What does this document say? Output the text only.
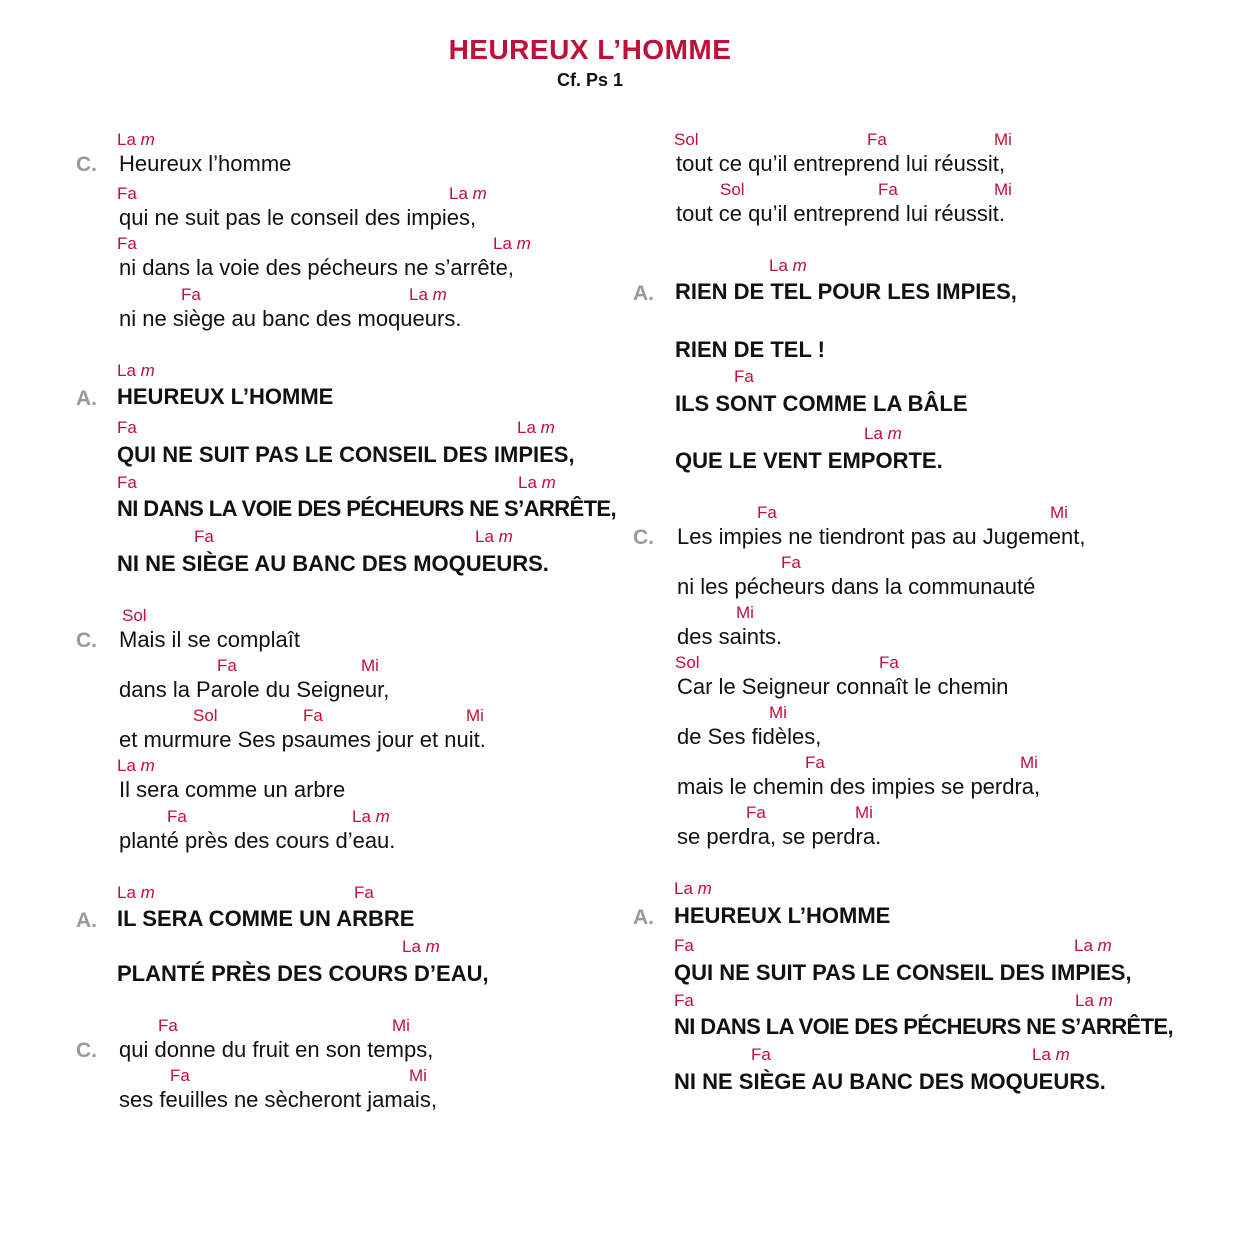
HEUREUX L’HOMME
Cf. Ps 1
La m
C. Heureux l’homme
Fa	La m
qui ne suit pas le conseil des impies,
Fa	La m
ni dans la voie des pécheurs ne s’arrête,
Fa	La m
ni ne siège au banc des moqueurs.
La m
A. HEUREUX L’HOMME
Fa	La m
QUI NE SUIT PAS LE CONSEIL DES IMPIES,
Fa	La m
NI DANS LA VOIE DES PÉCHEURS NE S’ARRÊTE,
Fa	La m
NI NE SIÈGE AU BANC DES MOQUEURS.
Sol
C. Mais il se complaît
Fa	Mi
dans la Parole du Seigneur,
Sol	Fa	Mi
et murmure Ses psaumes jour et nuit.
La m
Il sera comme un arbre
Fa	La m
planté près des cours d’eau.
La m	Fa
A. IL SERA COMME UN ARBRE
La m
PLANTÉ PRÈS DES COURS D’EAU,
Fa	Mi
C. qui donne du fruit en son temps,
Fa	Mi
ses feuilles ne sècheront jamais,
Sol	Fa	Mi
tout ce qu’il entreprend lui réussit,
Sol	Fa	Mi
tout ce qu’il entreprend lui réussit.
La m
A. RIEN DE TEL POUR LES IMPIES,
RIEN DE TEL !
Fa
ILS SONT COMME LA BÂLE
La m
QUE LE VENT EMPORTE.
Fa	Mi
C. Les impies ne tiendront pas au Jugement,
Fa
ni les pécheurs dans la communauté
Mi
des saints.
Sol	Fa
Car le Seigneur connaît le chemin
Mi
de Ses fidèles,
Fa	Mi
mais le chemin des impies se perdra,
Fa	Mi
se perdra, se perdra.
La m
A. HEUREUX L’HOMME
Fa	La m
QUI NE SUIT PAS LE CONSEIL DES IMPIES,
Fa	La m
NI DANS LA VOIE DES PÉCHEURS NE S’ARRÊTE,
Fa	La m
NI NE SIÈGE AU BANC DES MOQUEURS.
